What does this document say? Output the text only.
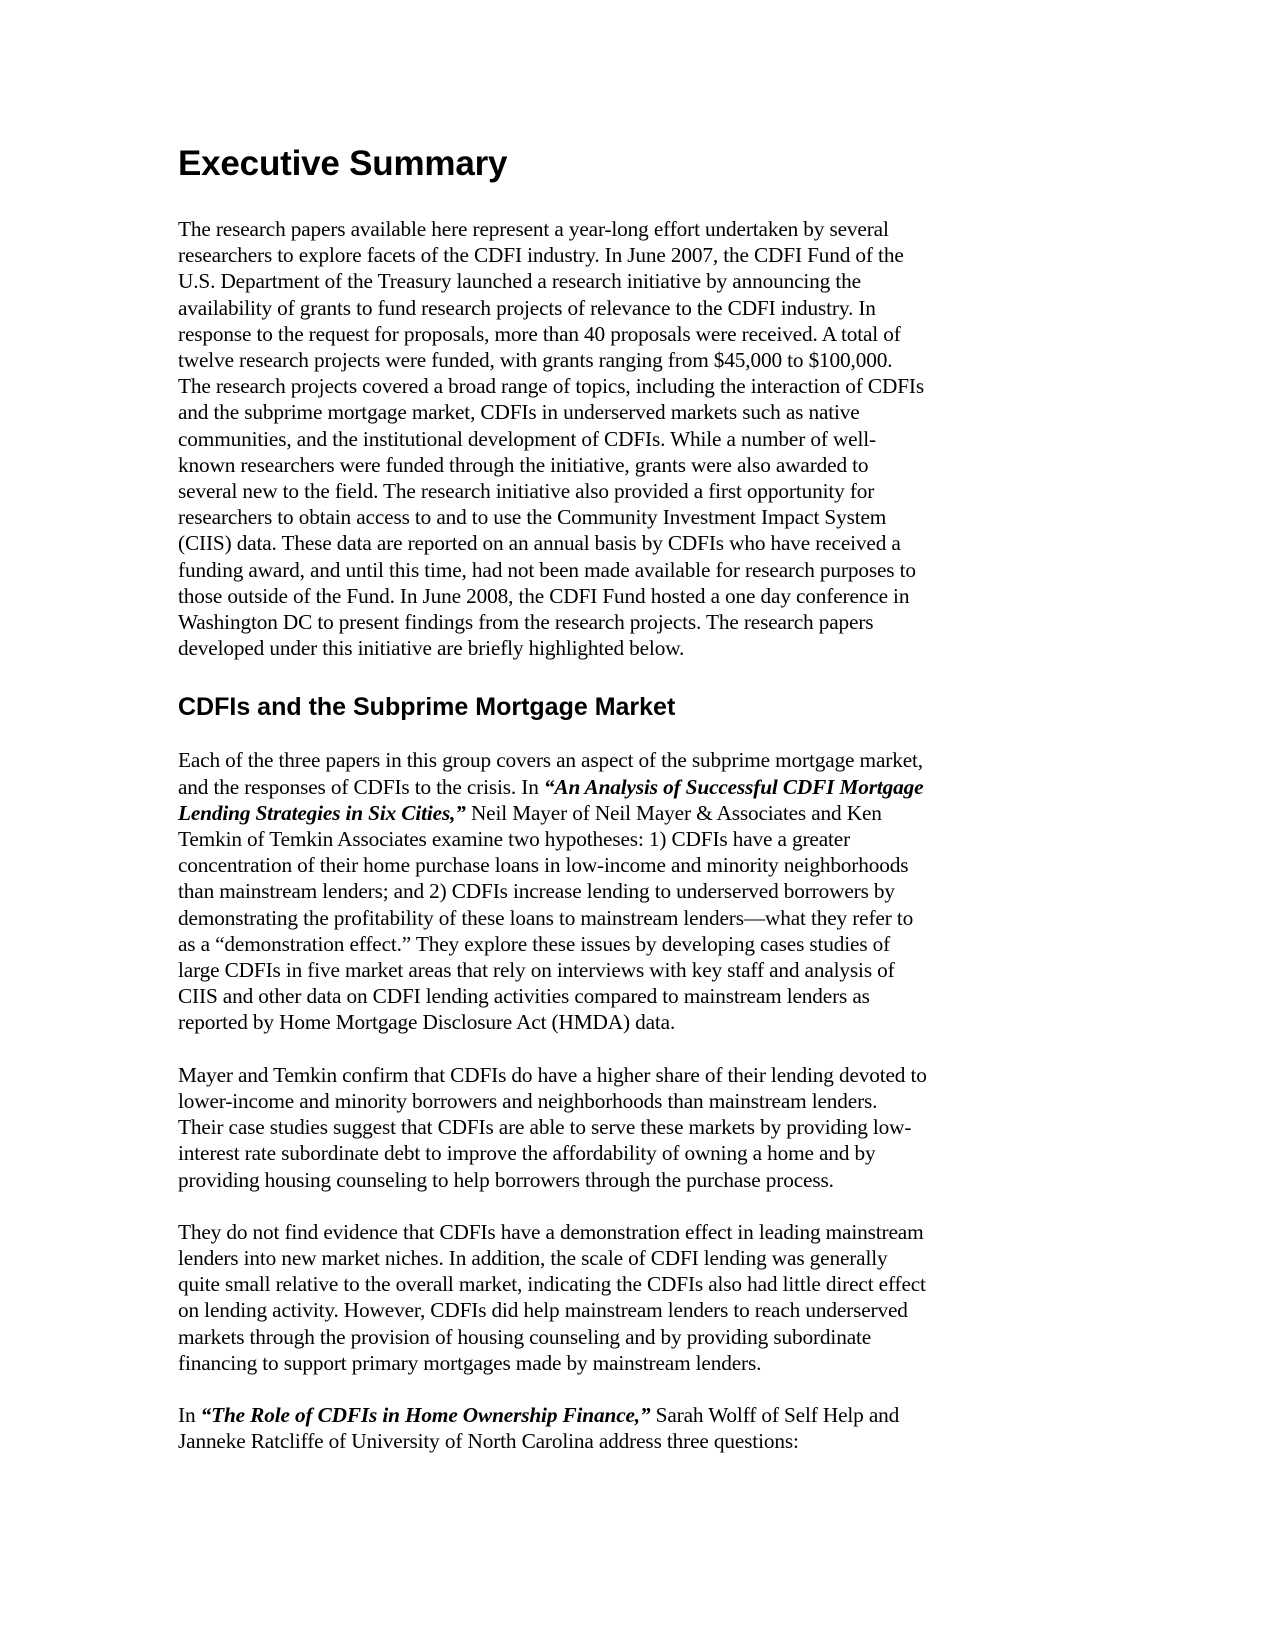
Executive Summary

The research papers available here represent a year-long effort undertaken by several
researchers to explore facets of the CDFI industry. In June 2007, the CDFI Fund of the
U.S. Department of the Treasury launched a research initiative by announcing the
availability of grants to fund research projects of relevance to the CDFI industry. In
response to the request for proposals, more than 40 proposals were received. A total of
twelve research projects were funded, with grants ranging from $45,000 to $100,000.
The research projects covered a broad range of topics, including the interaction of CDFIs
and the subprime mortgage market, CDFIs in underserved markets such as native
communities, and the institutional development of CDFIs. While a number of well-
known researchers were funded through the initiative, grants were also awarded to
several new to the field. The research initiative also provided a first opportunity for
researchers to obtain access to and to use the Community Investment Impact System
(CIIS) data. These data are reported on an annual basis by CDFIs who have received a
funding award, and until this time, had not been made available for research purposes to
those outside of the Fund. In June 2008, the CDFI Fund hosted a one day conference in
Washington DC to present findings from the research projects. The research papers
developed under this initiative are briefly highlighted below.

CDFIs and the Subprime Mortgage Market

Each of the three papers in this group covers an aspect of the subprime mortgage market,
and the responses of CDFIs to the crisis. In “An Analysis of Successful CDFI Mortgage
Lending Strategies in Six Cities,” Neil Mayer of Neil Mayer & Associates and Ken
Temkin of Temkin Associates examine two hypotheses: 1) CDFIs have a greater
concentration of their home purchase loans in low-income and minority neighborhoods
than mainstream lenders; and 2) CDFIs increase lending to underserved borrowers by
demonstrating the profitability of these loans to mainstream lenders—what they refer to
as a “demonstration effect.” They explore these issues by developing cases studies of
large CDFIs in five market areas that rely on interviews with key staff and analysis of
CIIS and other data on CDFI lending activities compared to mainstream lenders as
reported by Home Mortgage Disclosure Act (HMDA) data.

Mayer and Temkin confirm that CDFIs do have a higher share of their lending devoted to
lower-income and minority borrowers and neighborhoods than mainstream lenders.
Their case studies suggest that CDFIs are able to serve these markets by providing low-
interest rate subordinate debt to improve the affordability of owning a home and by
providing housing counseling to help borrowers through the purchase process.

They do not find evidence that CDFIs have a demonstration effect in leading mainstream
lenders into new market niches. In addition, the scale of CDFI lending was generally
quite small relative to the overall market, indicating the CDFIs also had little direct effect
on lending activity. However, CDFIs did help mainstream lenders to reach underserved
markets through the provision of housing counseling and by providing subordinate
financing to support primary mortgages made by mainstream lenders.

In “The Role of CDFIs in Home Ownership Finance,” Sarah Wolff of Self Help and
Janneke Ratcliffe of University of North Carolina address three questions:
